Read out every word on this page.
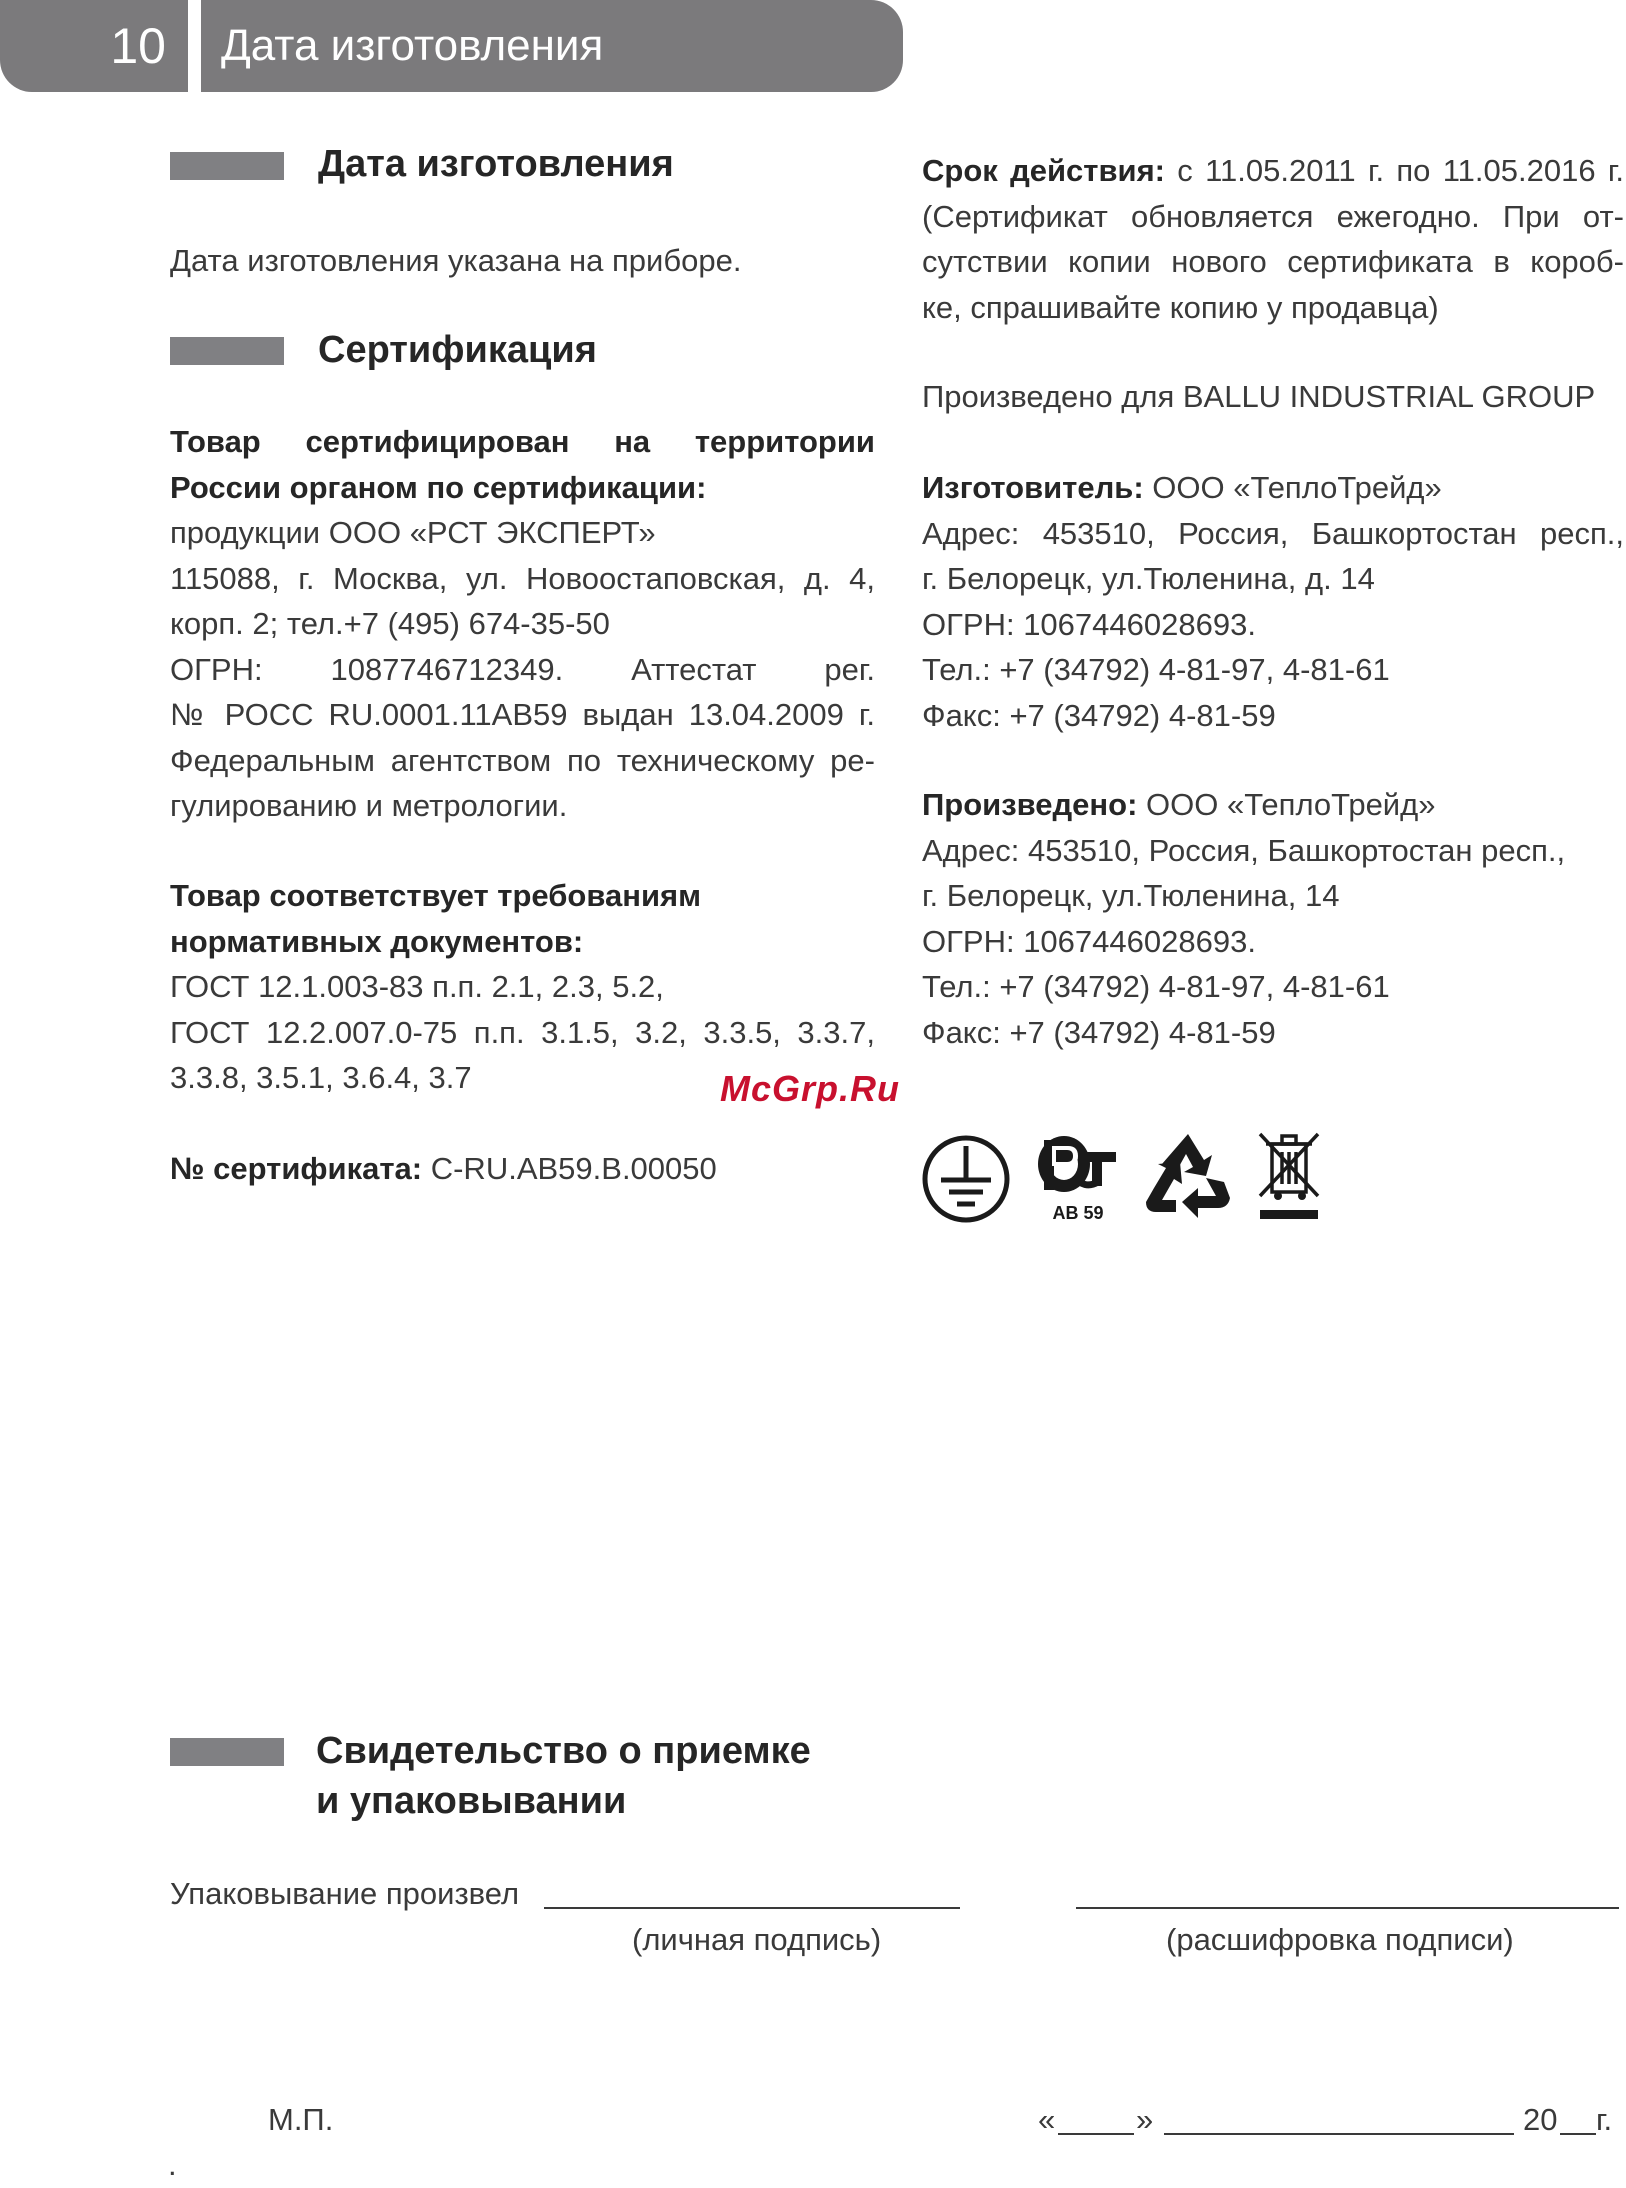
10	Дата изготовления
Дата изготовления
Дата изготовления указана на приборе.
Сертификация
Товар сертифицирован на территории
России органом по сертификации:
продукции ООО «РСТ ЭКСПЕРТ»
115088, г. Москва, ул. Новоостаповская, д. 4,
корп. 2; тел.+7 (495) 674-35-50
ОГРН: 1087746712349. Аттестат рег.
№ РОСС RU.0001.11АВ59 выдан 13.04.2009 г.
Федеральным агентством по техническому ре-
гулированию и метрологии.
Товар соответствует требованиям
нормативных документов:
ГОСТ 12.1.003-83 п.п. 2.1, 2.3, 5.2,
ГОСТ 12.2.007.0-75 п.п. 3.1.5, 3.2, 3.3.5, 3.3.7,
3.3.8, 3.5.1, 3.6.4, 3.7
№ сертификата: С-RU.АВ59.В.00050
Срок действия: с 11.05.2011 г. по 11.05.2016 г.
(Сертификат обновляется ежегодно. При от-
сутствии копии нового сертификата в короб-
ке, спрашивайте копию у продавца)
Произведено для BALLU INDUSTRIAL GROUP
Изготовитель: ООО «ТеплоТрейд»
Адрес: 453510, Россия, Башкортостан респ.,
г. Белорецк, ул.Тюленина, д. 14
ОГРН: 1067446028693.
Тел.: +7 (34792) 4-81-97, 4-81-61
Факс: +7 (34792) 4-81-59
Произведено: ООО «ТеплоТрейд»
Адрес: 453510, Россия, Башкортостан респ.,
г. Белорецк, ул.Тюленина, 14
ОГРН: 1067446028693.
Тел.: +7 (34792) 4-81-97, 4-81-61
Факс: +7 (34792) 4-81-59
McGrp.Ru
АВ 59
Свидетельство о приемке
и упаковывании
Упаковывание произвел
(личная подпись)	(расшифровка подписи)
М.П.	«	»	20 г.
.
